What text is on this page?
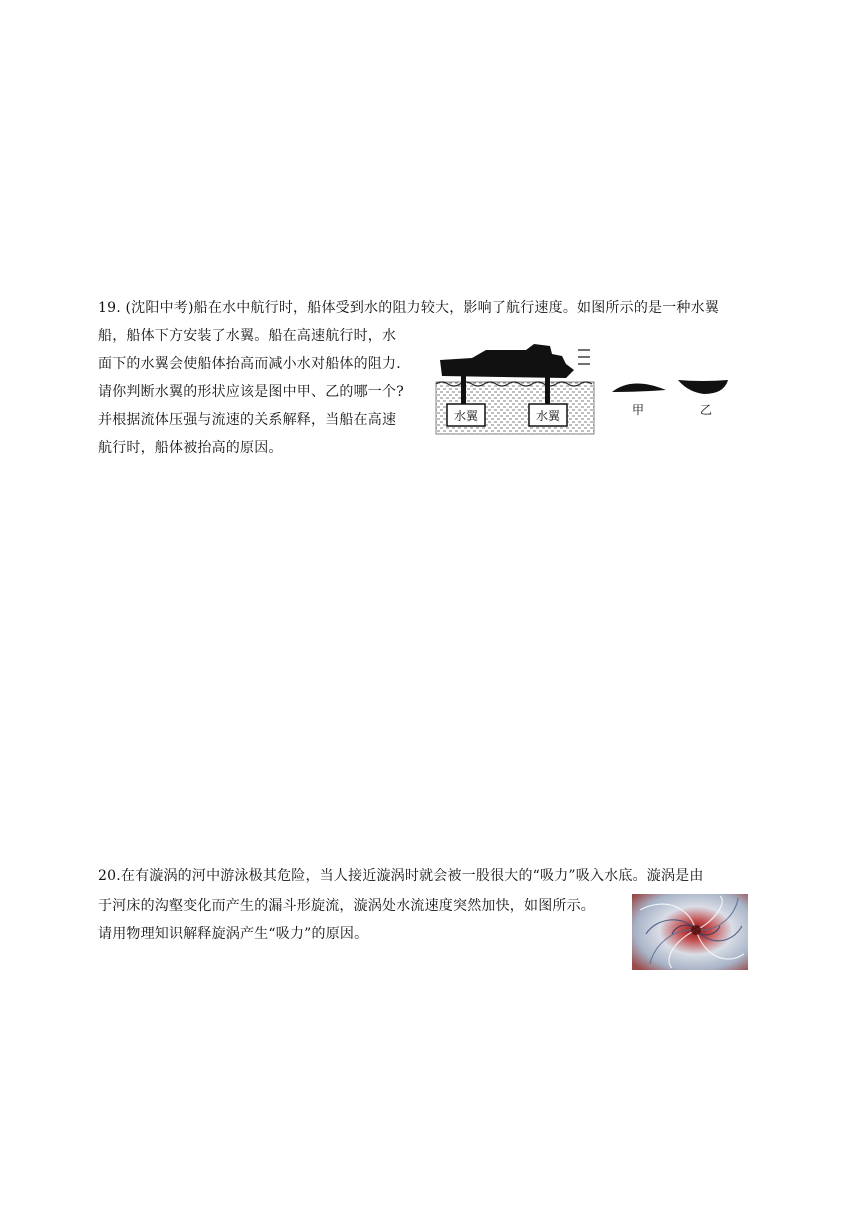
19. (沈阳中考)船在水中航行时，船体受到水的阻力较大，影响了航行速度。如图所示的是一种水翼
船，船体下方安装了水翼。船在高速航行时，水
面下的水翼会使船体抬高而减小水对船体的阻力.
请你判断水翼的形状应该是图中甲、乙的哪一个?
并根据流体压强与流速的关系解释，当船在高速
航行时，船体被抬高的原因。
水翼	水翼	甲	乙
20.在有漩涡的河中游泳极其危险，当人接近漩涡时就会被一股很大的“吸力”吸入水底。漩涡是由
于河床的沟壑变化而产生的漏斗形旋流，漩涡处水流速度突然加快，如图所示。
请用物理知识解释旋涡产生“吸力”的原因。
